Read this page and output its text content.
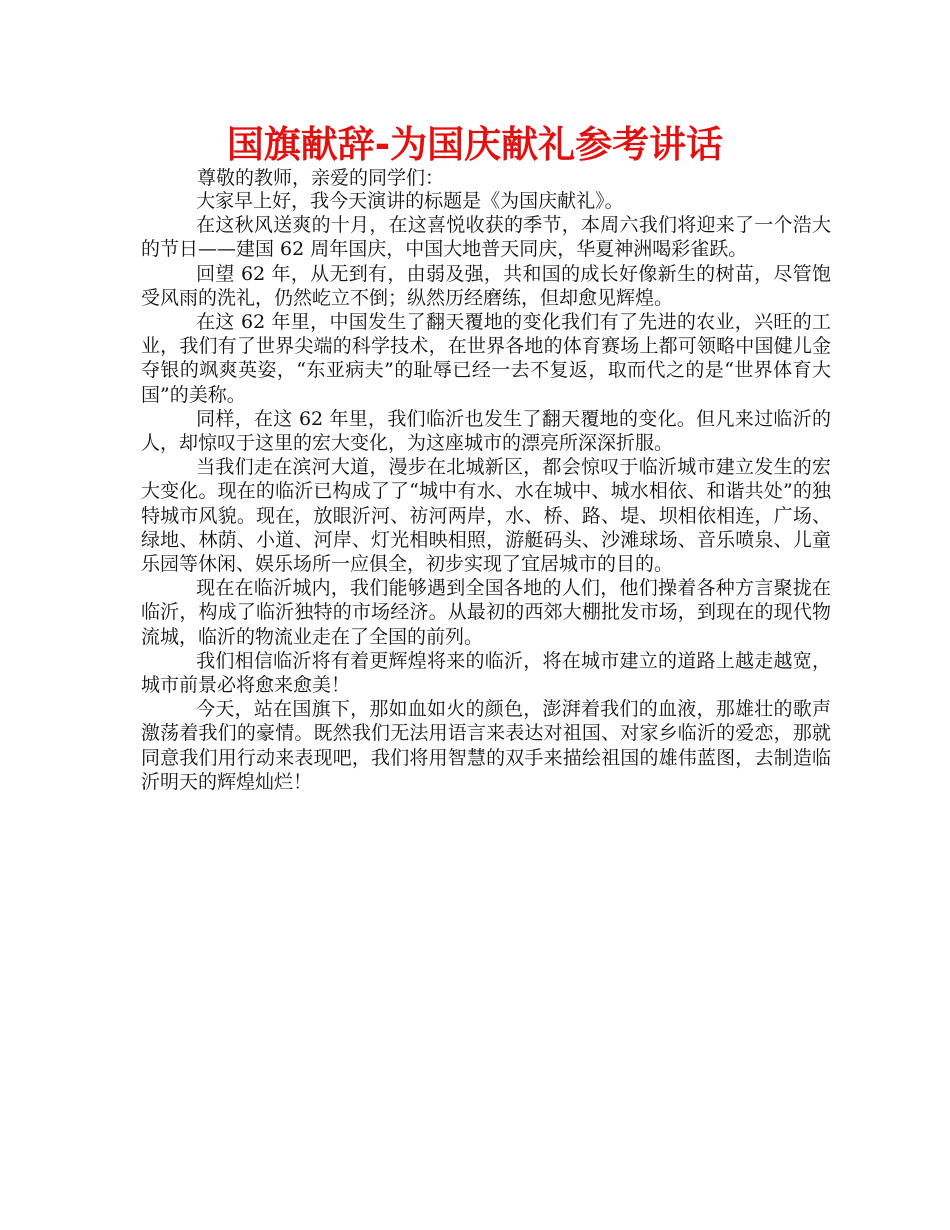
国旗献辞-为国庆献礼参考讲话
尊敬的教师，亲爱的同学们：

大家早上好，我今天演讲的标题是《为国庆献礼》。

在这秋风送爽的十月，在这喜悦收获的季节，本周六我们将迎来了一个浩大的节日——建国 62 周年国庆，中国大地普天同庆，华夏神洲喝彩雀跃。

回望 62 年，从无到有，由弱及强，共和国的成长好像新生的树苗，尽管饱受风雨的洗礼，仍然屹立不倒；纵然历经磨练，但却愈见辉煌。

在这 62 年里，中国发生了翻天覆地的变化我们有了先进的农业，兴旺的工业，我们有了世界尖端的科学技术，在世界各地的体育赛场上都可领略中国健儿金夺银的飒爽英姿，“东亚病夫”的耻辱已经一去不复返，取而代之的是“世界体育大国”的美称。

同样，在这 62 年里，我们临沂也发生了翻天覆地的变化。但凡来过临沂的人，却惊叹于这里的宏大变化，为这座城市的漂亮所深深折服。

当我们走在滨河大道，漫步在北城新区，都会惊叹于临沂城市建立发生的宏大变化。现在的临沂已构成了了“城中有水、水在城中、城水相依、和谐共处”的独特城市风貌。现在，放眼沂河、祊河两岸，水、桥、路、堤、坝相依相连，广场、绿地、林荫、小道、河岸、灯光相映相照，游艇码头、沙滩球场、音乐喷泉、儿童乐园等休闲、娱乐场所一应俱全，初步实现了宜居城市的目的。

现在在临沂城内，我们能够遇到全国各地的人们，他们操着各种方言聚拢在临沂，构成了临沂独特的市场经济。从最初的西郊大棚批发市场，到现在的现代物流城，临沂的物流业走在了全国的前列。

我们相信临沂将有着更辉煌将来的临沂，将在城市建立的道路上越走越宽，城市前景必将愈来愈美！

今天，站在国旗下，那如血如火的颜色，澎湃着我们的血液，那雄壮的歌声激荡着我们的豪情。既然我们无法用语言来表达对祖国、对家乡临沂的爱恋，那就同意我们用行动来表现吧，我们将用智慧的双手来描绘祖国的雄伟蓝图，去制造临沂明天的辉煌灿烂！
